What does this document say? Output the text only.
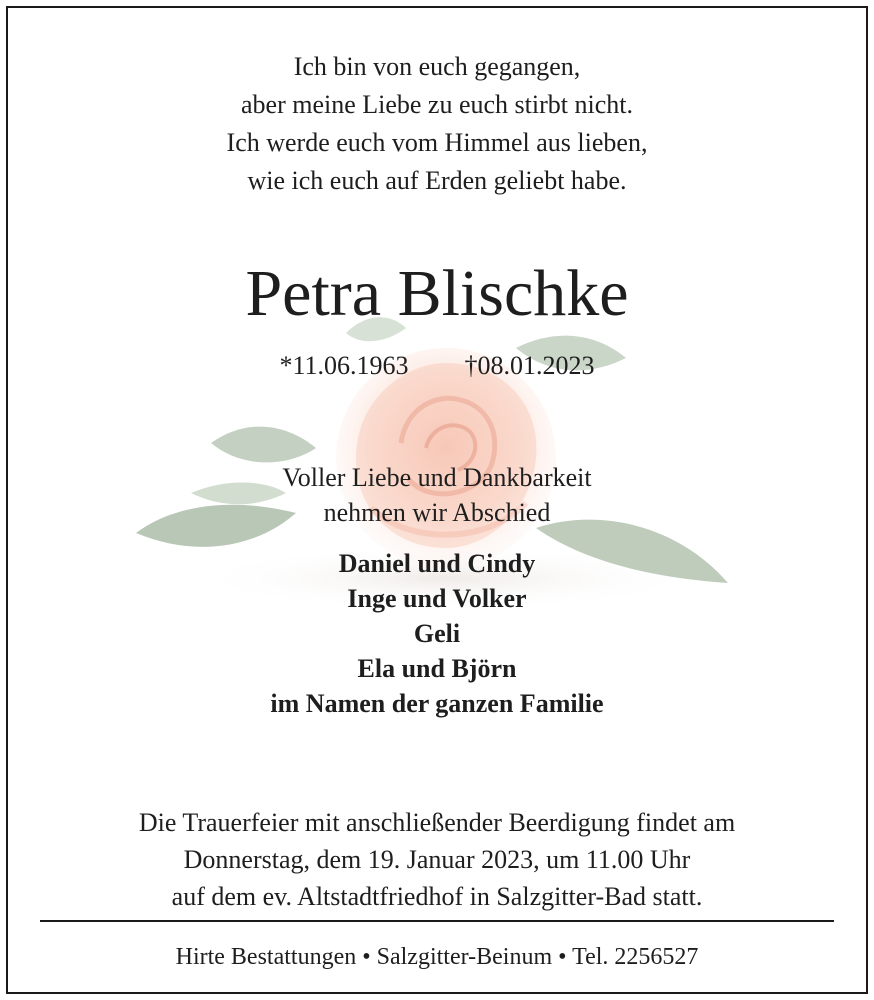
Ich bin von euch gegangen,
aber meine Liebe zu euch stirbt nicht.
Ich werde euch vom Himmel aus lieben,
wie ich euch auf Erden geliebt habe.
Petra Blischke
*11.06.1963 †08.01.2023
Voller Liebe und Dankbarkeit
nehmen wir Abschied
Daniel und Cindy
Inge und Volker
Geli
Ela und Björn
im Namen der ganzen Familie
Die Trauerfeier mit anschließender Beerdigung findet am
Donnerstag, dem 19. Januar 2023, um 11.00 Uhr
auf dem ev. Altstadtfriedhof in Salzgitter-Bad statt.
Hirte Bestattungen • Salzgitter-Beinum • Tel. 2256527
